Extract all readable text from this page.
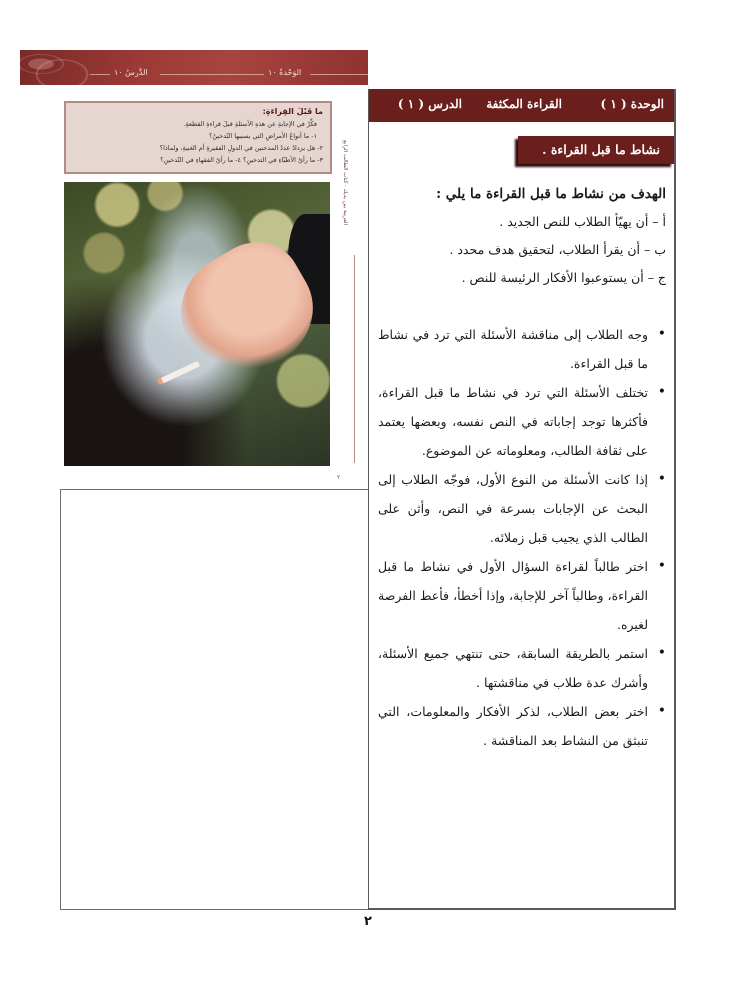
الدَّرسُ ١٠	الوَحْدةُ ١٠
ما قَبْلَ القِراءَةِ:
فكِّرْ في الإجابةِ عن هذهِ الأسئلةِ قبلَ قراءةِ القطعةِ.
١- ما أنواعُ الأمراضِ التي يسببها التّدخينُ؟
٢- هل يزدادُ عددُ المدخنين في الدولِ الفقيرةِ أم الغنيةِ، ولماذا؟
٣- ما رأيُ الأطبّاءِ في التدخينِ؟ ٤- ما رأيُ الفقهاءِ في التّدخينِ؟	العربية بين يديك · كتاب الطالب الرابع
٢
الوحدة ( ١ )
القراءة المكثفة
الدرس ( ١ )
نشاط ما قبل القراءة .
الهدف من نشاط ما قبل القراءة ما يلي :
أ – أن يهيّأ الطلاب للنص الجديد .
ب – أن يقرأ الطلاب، لتحقيق هدف محدد .
ج – أن يستوعبوا الأفكار الرئيسة للنص .
• وجه الطلاب إلى مناقشة الأسئلة التي ترد في نشاط ما قبل القراءة.
• تختلف الأسئلة التي ترد في نشاط ما قبل القراءة، فأكثرها توجد إجاباته في النص نفسه، وبعضها يعتمد على ثقافة الطالب، ومعلوماته عن الموضوع.
• إذا كانت الأسئلة من النوع الأول، فوجّه الطلاب إلى البحث عن الإجابات بسرعة في النص، وأثن على الطالب الذي يجيب قبل زملائه.
• اختر طالباً لقراءة السؤال الأول في نشاط ما قبل القراءة، وطالباً آخر للإجابة، وإذا أخطأ، فأعط الفرصة لغيره.
• استمر بالطريقة السابقة، حتى تنتهي جميع الأسئلة، وأشرك عدة طلاب في مناقشتها .
• اختر بعض الطلاب، لذكر الأفكار والمعلومات، التي تنبثق من النشاط بعد المناقشة .
٢
